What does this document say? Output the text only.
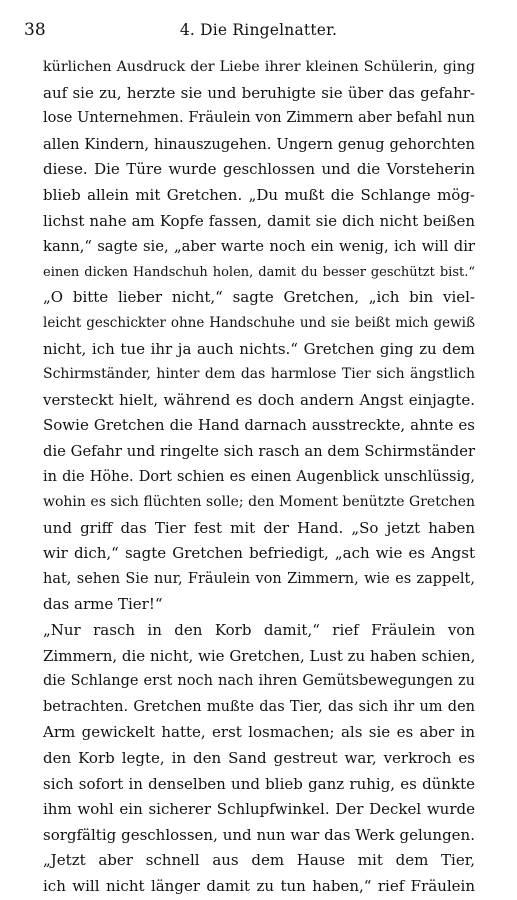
38	4. Die Ringelnatter.
kürlichen Ausdruck der Liebe ihrer kleinen Schülerin, ging
auf sie zu, herzte sie und beruhigte sie über das gefahr-
lose Unternehmen. Fräulein von Zimmern aber befahl nun
allen Kindern, hinauszugehen. Ungern genug gehorchten
diese. Die Türe wurde geschlossen und die Vorsteherin
blieb allein mit Gretchen. „Du mußt die Schlange mög-
lichst nahe am Kopfe fassen, damit sie dich nicht beißen
kann,“ sagte sie, „aber warte noch ein wenig, ich will dir
einen dicken Handschuh holen, damit du besser geschützt bist.“
„O bitte lieber nicht,“ sagte Gretchen, „ich bin viel-
leicht geschickter ohne Handschuhe und sie beißt mich gewiß
nicht, ich tue ihr ja auch nichts.“ Gretchen ging zu dem
Schirmständer, hinter dem das harmlose Tier sich ängstlich
versteckt hielt, während es doch andern Angst einjagte.
Sowie Gretchen die Hand darnach ausstreckte, ahnte es
die Gefahr und ringelte sich rasch an dem Schirmständer
in die Höhe. Dort schien es einen Augenblick unschlüssig,
wohin es sich flüchten solle; den Moment benützte Gretchen
und griff das Tier fest mit der Hand. „So jetzt haben
wir dich,“ sagte Gretchen befriedigt, „ach wie es Angst
hat, sehen Sie nur, Fräulein von Zimmern, wie es zappelt,
das arme Tier!“
„Nur rasch in den Korb damit,“ rief Fräulein von
Zimmern, die nicht, wie Gretchen, Lust zu haben schien,
die Schlange erst noch nach ihren Gemütsbewegungen zu
betrachten. Gretchen mußte das Tier, das sich ihr um den
Arm gewickelt hatte, erst losmachen; als sie es aber in
den Korb legte, in den Sand gestreut war, verkroch es
sich sofort in denselben und blieb ganz ruhig, es dünkte
ihm wohl ein sicherer Schlupfwinkel. Der Deckel wurde
sorgfältig geschlossen, und nun war das Werk gelungen.
„Jetzt aber schnell aus dem Hause mit dem Tier,
ich will nicht länger damit zu tun haben,“ rief Fräulein
